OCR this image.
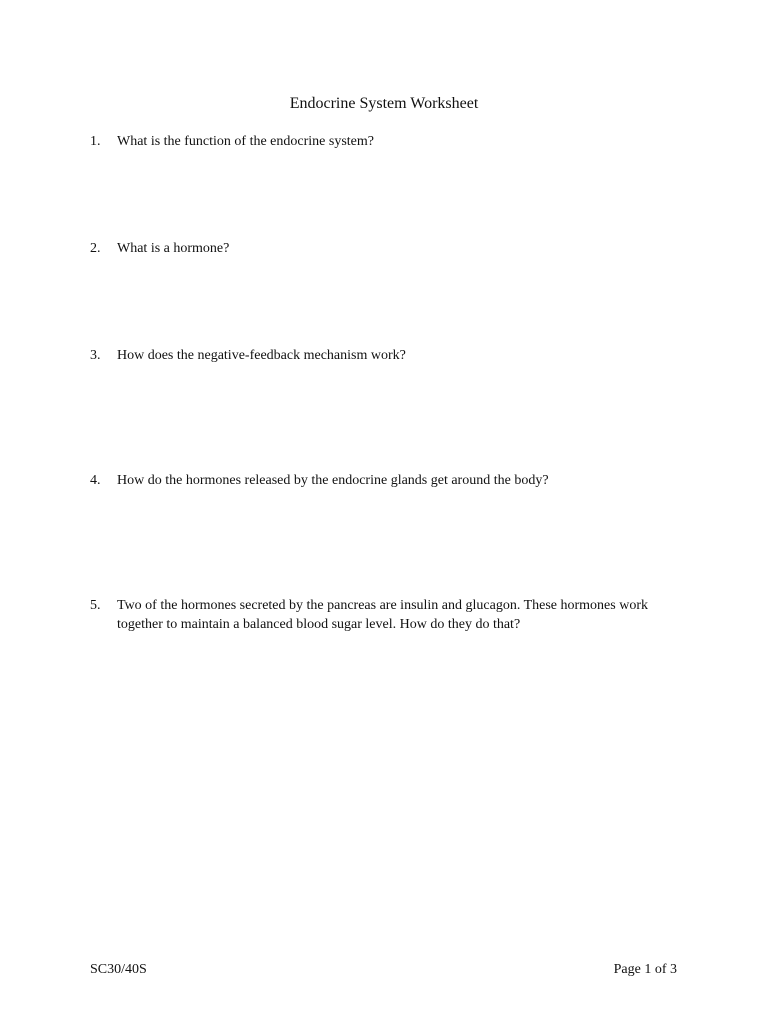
Endocrine System Worksheet
1.	What is the function of the endocrine system?
2.	What is a hormone?
3.	How does the negative-feedback mechanism work?
4.	How do the hormones released by the endocrine glands get around the body?
5.	Two of the hormones secreted by the pancreas are insulin and glucagon. These hormones work together to maintain a balanced blood sugar level. How do they do that?
SC30/40S	Page 1 of 3
